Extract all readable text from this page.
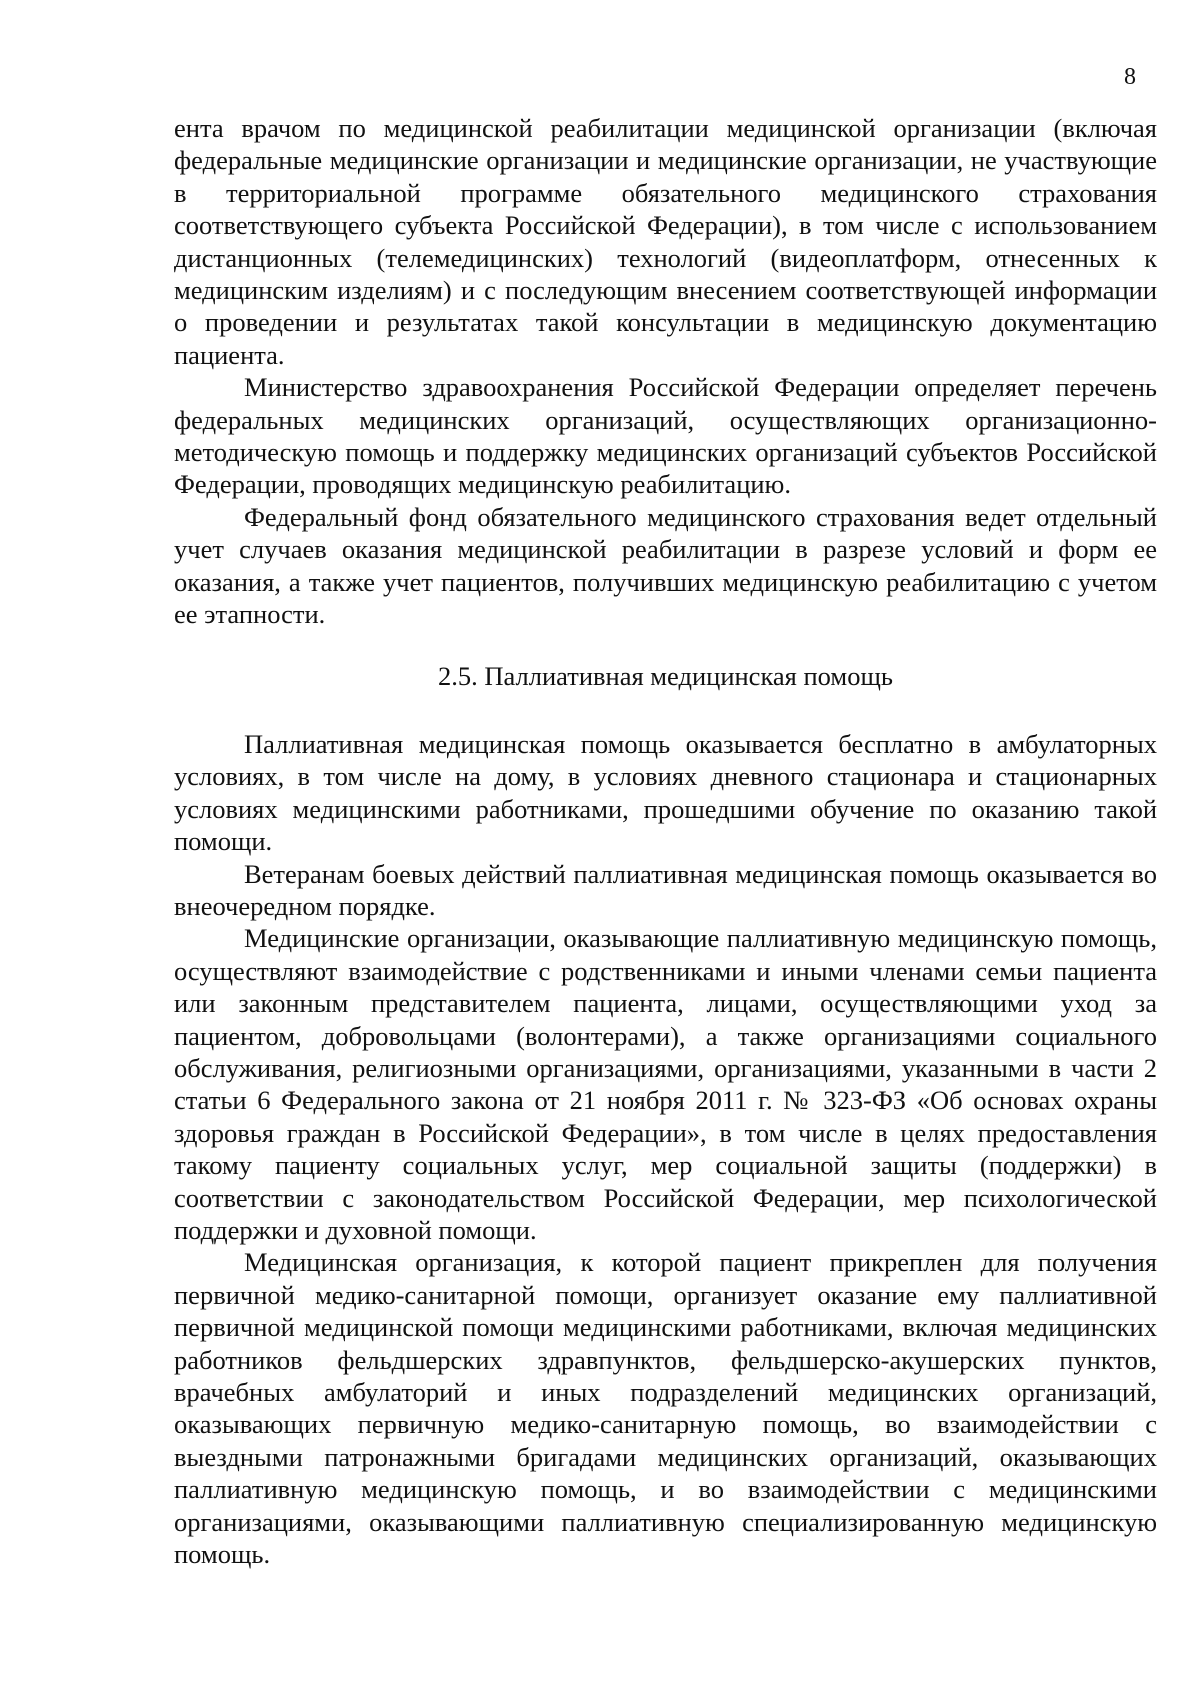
8

ента врачом по медицинской реабилитации медицинской организации (включая федеральные медицинские организации и медицинские организации, не участвующие в территориальной программе обязательного медицинского страхования соответствующего субъекта Российской Федерации), в том числе с использованием дистанционных (телемедицинских) технологий (видеоплатформ, отнесенных к медицинским изделиям) и с последующим внесением соответствующей информации о проведении и результатах такой консультации в медицинскую документацию пациента.

Министерство здравоохранения Российской Федерации определяет перечень федеральных медицинских организаций, осуществляющих организационно-методическую помощь и поддержку медицинских организаций субъектов Российской Федерации, проводящих медицинскую реабилитацию.

Федеральный фонд обязательного медицинского страхования ведет отдельный учет случаев оказания медицинской реабилитации в разрезе условий и форм ее оказания, а также учет пациентов, получивших медицинскую реабилитацию с учетом ее этапности.

2.5. Паллиативная медицинская помощь

Паллиативная медицинская помощь оказывается бесплатно в амбулаторных условиях, в том числе на дому, в условиях дневного стационара и стационарных условиях медицинскими работниками, прошедшими обучение по оказанию такой помощи.

Ветеранам боевых действий паллиативная медицинская помощь оказывается во внеочередном порядке.

Медицинские организации, оказывающие паллиативную медицинскую помощь, осуществляют взаимодействие с родственниками и иными членами семьи пациента или законным представителем пациента, лицами, осуществляющими уход за пациентом, добровольцами (волонтерами), а также организациями социального обслуживания, религиозными организациями, организациями, указанными в части 2 статьи 6 Федерального закона от 21 ноября 2011 г. № 323-ФЗ «Об основах охраны здоровья граждан в Российской Федерации», в том числе в целях предоставления такому пациенту социальных услуг, мер социальной защиты (поддержки) в соответствии с законодательством Российской Федерации, мер психологической поддержки и духовной помощи.

Медицинская организация, к которой пациент прикреплен для получения первичной медико-санитарной помощи, организует оказание ему паллиативной первичной медицинской помощи медицинскими работниками, включая медицинских работников фельдшерских здравпунктов, фельдшерско-акушерских пунктов, врачебных амбулаторий и иных подразделений медицинских организаций, оказывающих первичную медико-санитарную помощь, во взаимодействии с выездными патронажными бригадами медицинских организаций, оказывающих паллиативную медицинскую помощь, и во взаимодействии с медицинскими организациями, оказывающими паллиативную специализированную медицинскую помощь.
